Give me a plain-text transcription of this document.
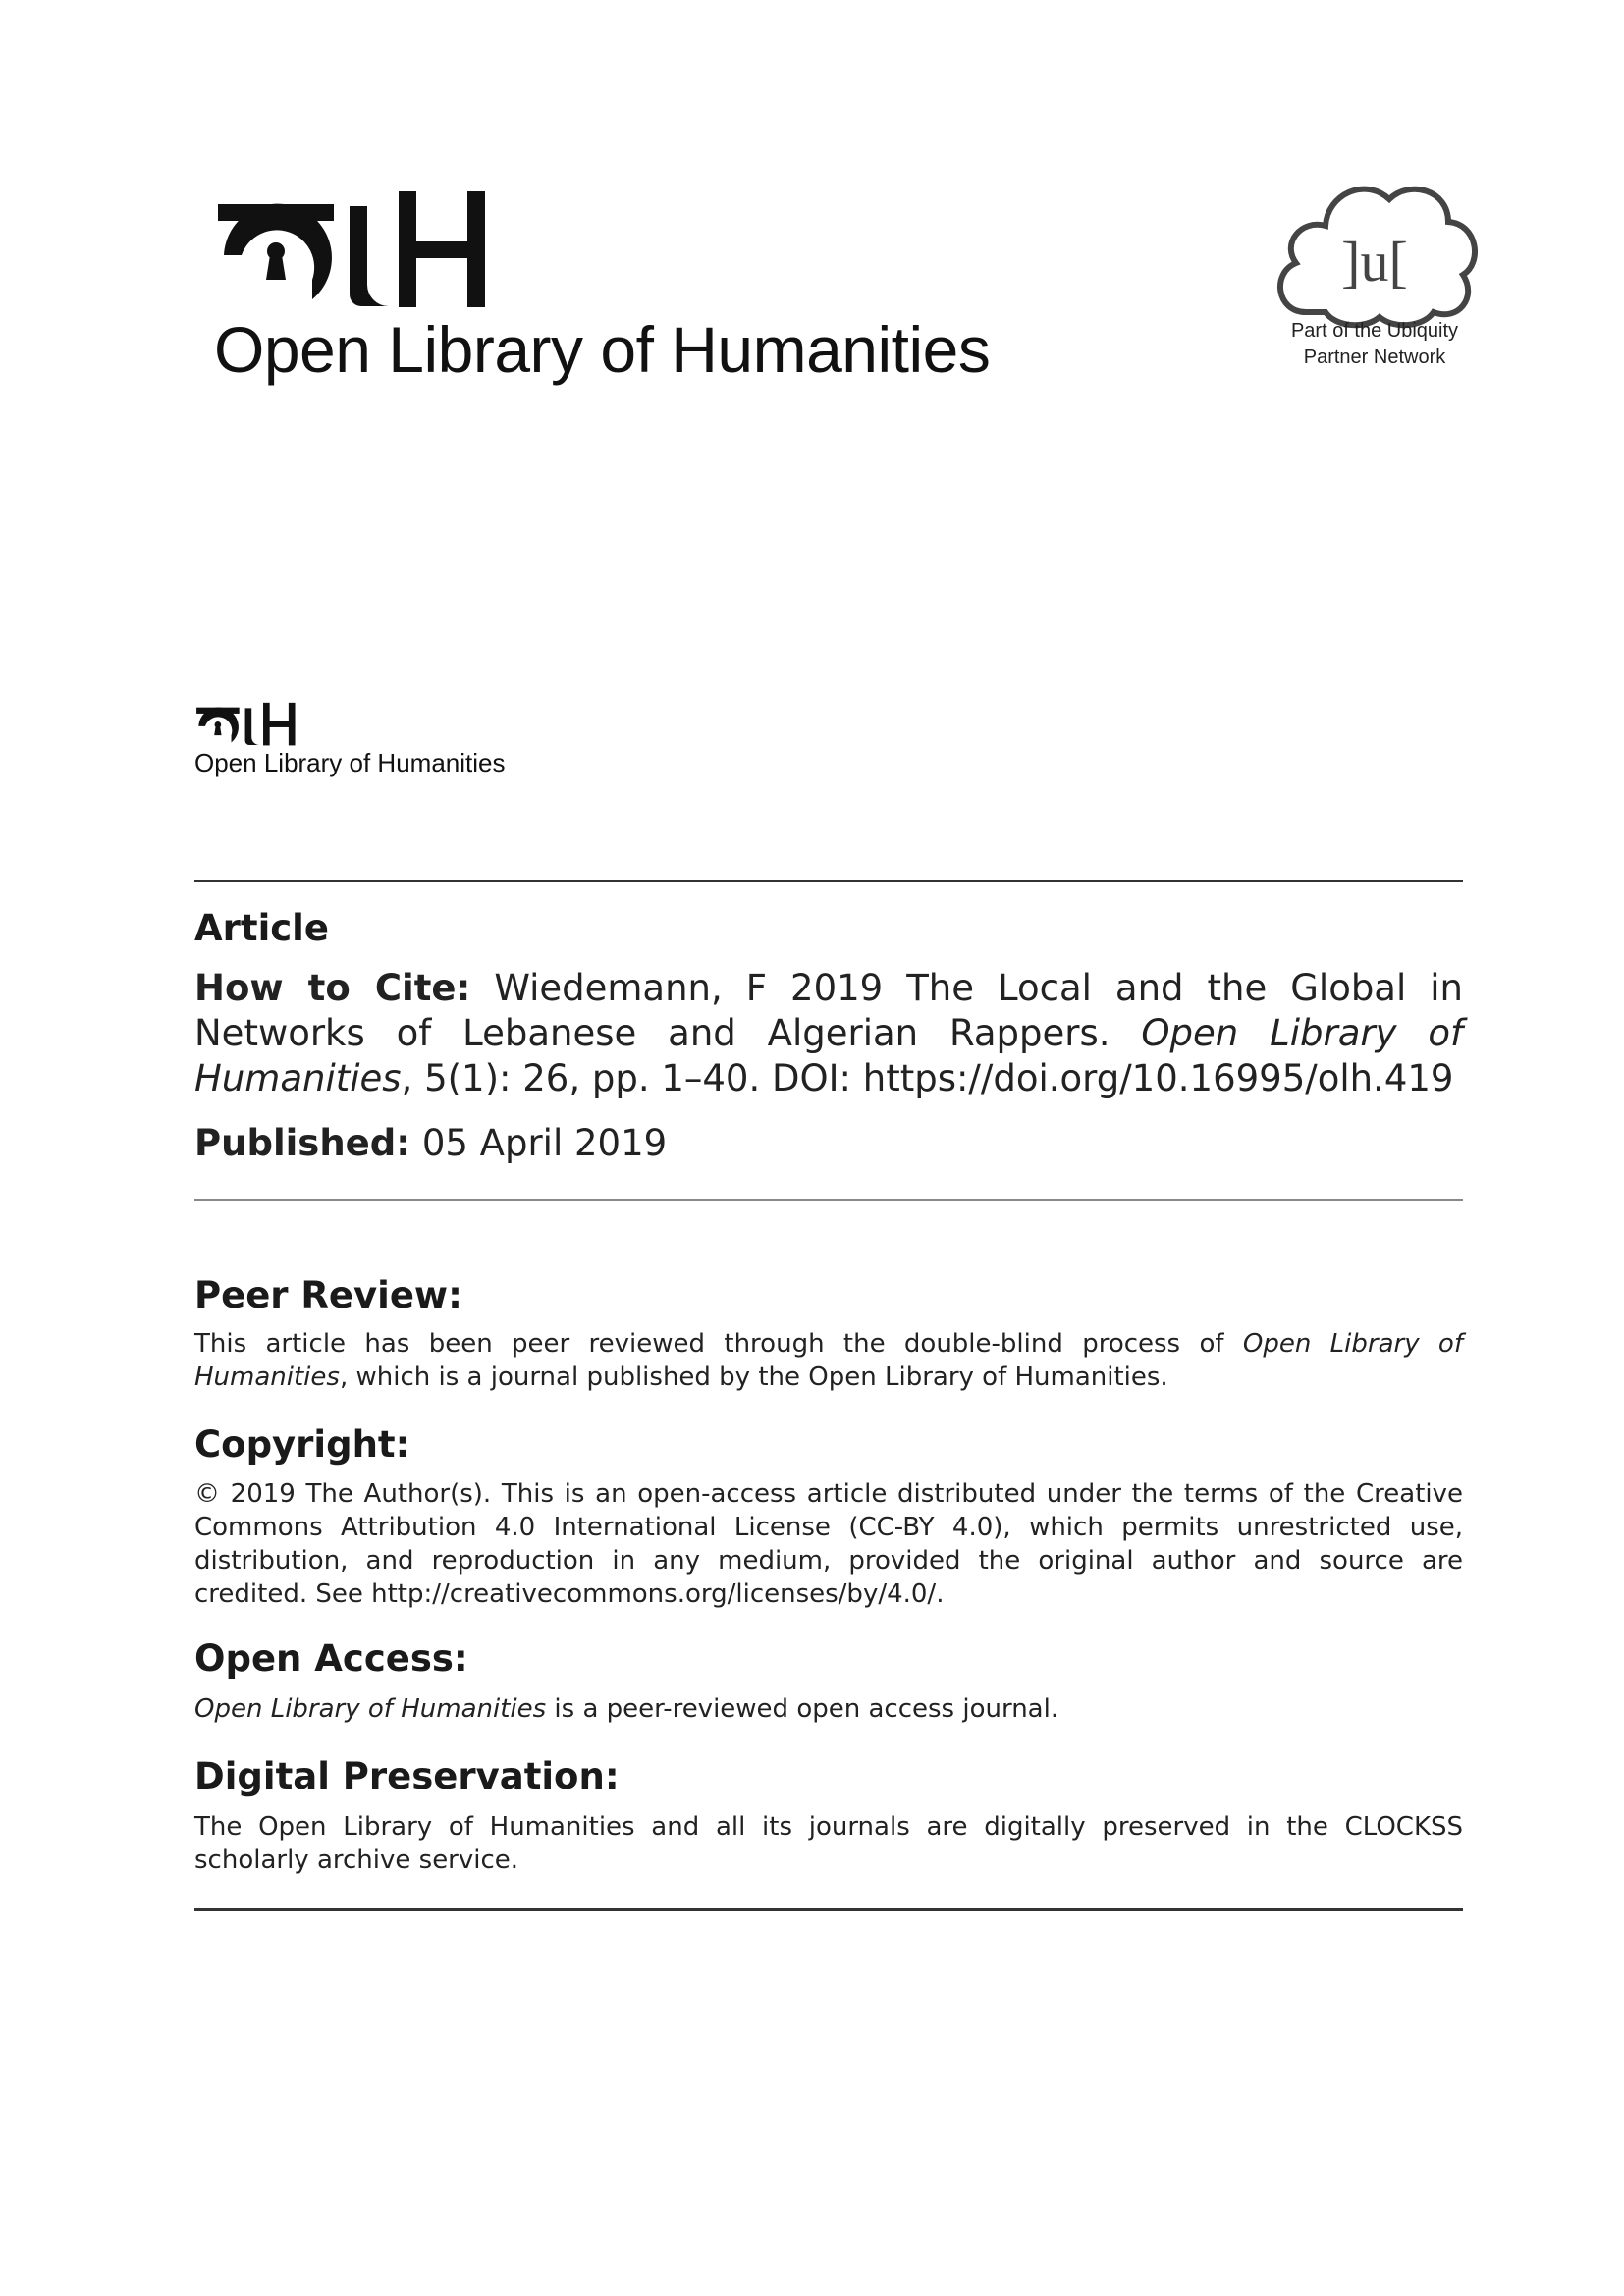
Open Library of Humanities
]u[
Part of the Ubiquity
Partner Network
Open Library of Humanities
Article
How to Cite: Wiedemann, F 2019 The Local and the Global in Networks of Lebanese and Algerian Rappers. Open Library of Humanities, 5(1): 26, pp. 1–40. DOI: https://doi.org/10.16995/olh.419
Published: 05 April 2019
Peer Review:
This article has been peer reviewed through the double-blind process of Open Library of Humanities, which is a journal published by the Open Library of Humanities.
Copyright:
© 2019 The Author(s). This is an open-access article distributed under the terms of the Creative Commons Attribution 4.0 International License (CC-BY 4.0), which permits unrestricted use, distribution, and reproduction in any medium, provided the original author and source are credited. See http://creativecommons.org/licenses/by/4.0/.
Open Access:
Open Library of Humanities is a peer-reviewed open access journal.
Digital Preservation:
The Open Library of Humanities and all its journals are digitally preserved in the CLOCKSS scholarly archive service.
